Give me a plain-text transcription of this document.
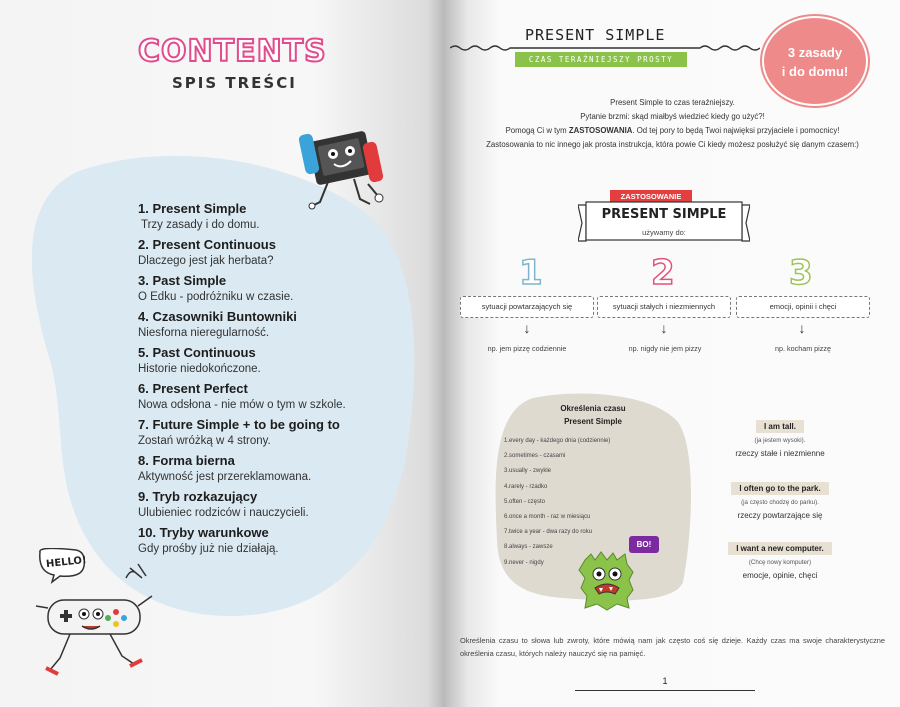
CONTENTS
SPIS TREŚCI
1. Present Simple
Trzy zasady i do domu.
2. Present Continuous
Dlaczego jest jak herbata?
3. Past Simple
O Edku - podróżniku w czasie.
4. Czasowniki Buntowniki
Niesforna nieregularność.
5. Past Continuous
Historie niedokończone.
6. Present Perfect
Nowa odsłona - nie mów o tym w szkole.
7. Future Simple + to be going to
Zostań wróżką w 4 strony.
8. Forma bierna
Aktywność jest przereklamowana.
9. Tryb rozkazujący
Ulubieniec rodziców i nauczycieli.
10. Tryby warunkowe
Gdy prośby już nie działają.
HELLO!
PRESENT SIMPLE
CZAS TERAŹNIEJSZY PROSTY	3 zasady
i do domu!
Present Simple to czas teraźniejszy.
Pytanie brzmi: skąd miałbyś wiedzieć kiedy go użyć?!
Pomogą Ci w tym ZASTOSOWANIA. Od tej pory to będą Twoi najwięksi przyjaciele i pomocnicy!
Zastosowania to nic innego jak prosta instrukcja, która powie Ci kiedy możesz posłużyć się danym czasem:)
ZASTOSOWANIE
PRESENT SIMPLE
używamy do:
1	2	3
sytuacji powtarzających się	sytuacji stałych i niezmiennych	emocji, opinii i chęci
↓	↓	↓
np. jem pizzę codziennie	np. nigdy nie jem pizzy	np. kocham pizzę
Określenia czasu
Present Simple
1.every day - każdego dnia (codziennie)
2.sometimes - czasami
3.usually - zwykle
4.rarely - rzadko
5.often - często
6.once a month - raz w miesiącu
7.twice a year - dwa razy do roku
8.always - zawsze
9.never - nigdy
BO!
I am tall.
(ja jestem wysoki).
rzeczy stałe i niezmienne
I often go to the park.
(ja często chodzę do parku).
rzeczy powtarzające się
I want a new computer.
(Chcę nowy komputer)
emocje, opinie, chęci
Określenia czasu to słowa lub zwroty, które mówią nam jak często coś się dzieje. Każdy czas ma swoje charakterystyczne określenia czasu, których należy nauczyć się na pamięć.
1
